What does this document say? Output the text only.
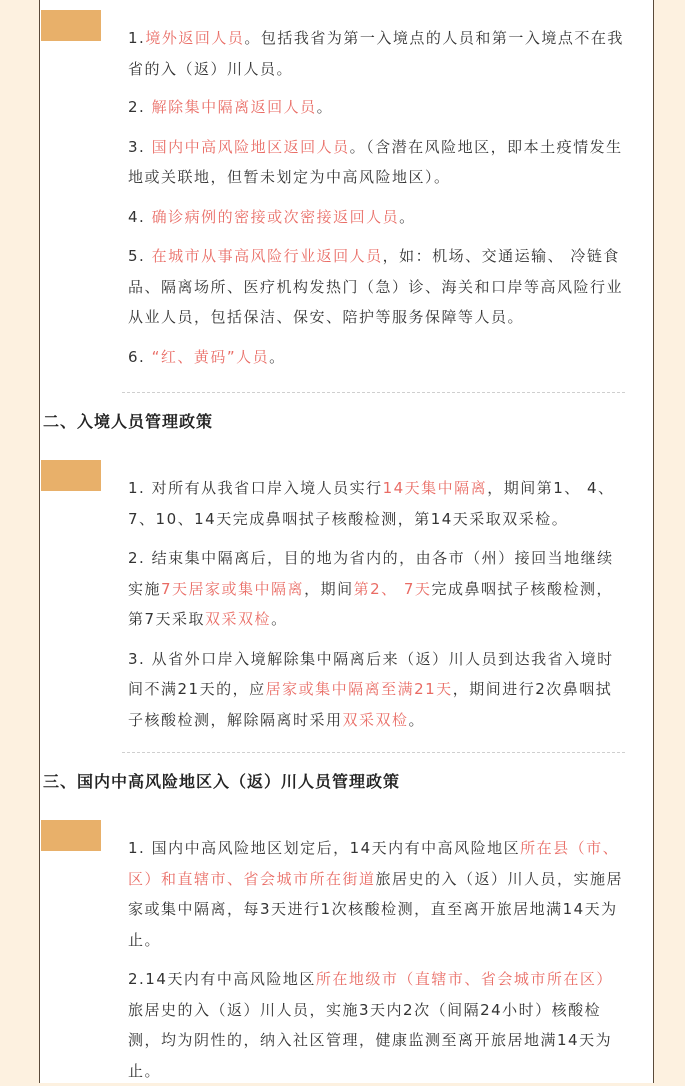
1.境外返回人员。包括我省为第一入境点的人员和第一入境点不在我省的入（返）川人员。

2. 解除集中隔离返回人员。

3. 国内中高风险地区返回人员。（含潜在风险地区，即本土疫情发生地或关联地，但暂未划定为中高风险地区）。

4. 确诊病例的密接或次密接返回人员。

5. 在城市从事高风险行业返回人员，如：机场、交通运输、 冷链食品、隔离场所、医疗机构发热门（急）诊、海关和口岸等高风险行业从业人员，包括保洁、保安、陪护等服务保障等人员。

6. “红、黄码”人员。

二、入境人员管理政策

1. 对所有从我省口岸入境人员实行14天集中隔离，期间第1、 4、7、10、14天完成鼻咽拭子核酸检测，第14天采取双采检。

2. 结束集中隔离后，目的地为省内的，由各市（州）接回当地继续实施7天居家或集中隔离，期间第2、 7天完成鼻咽拭子核酸检测，第7天采取双采双检。

3. 从省外口岸入境解除集中隔离后来（返）川人员到达我省入境时间不满21天的，应居家或集中隔离至满21天，期间进行2次鼻咽拭子核酸检测，解除隔离时采用双采双检。

三、国内中高风险地区入（返）川人员管理政策

1. 国内中高风险地区划定后，14天内有中高风险地区所在县（市、区）和直辖市、省会城市所在街道旅居史的入（返）川人员，实施居家或集中隔离，每3天进行1次核酸检测，直至离开旅居地满14天为止。

2.14天内有中高风险地区所在地级市（直辖市、省会城市所在区）旅居史的入（返）川人员，实施3天内2次（间隔24小时）核酸检测，均为阴性的，纳入社区管理，健康监测至离开旅居地满14天为止。
